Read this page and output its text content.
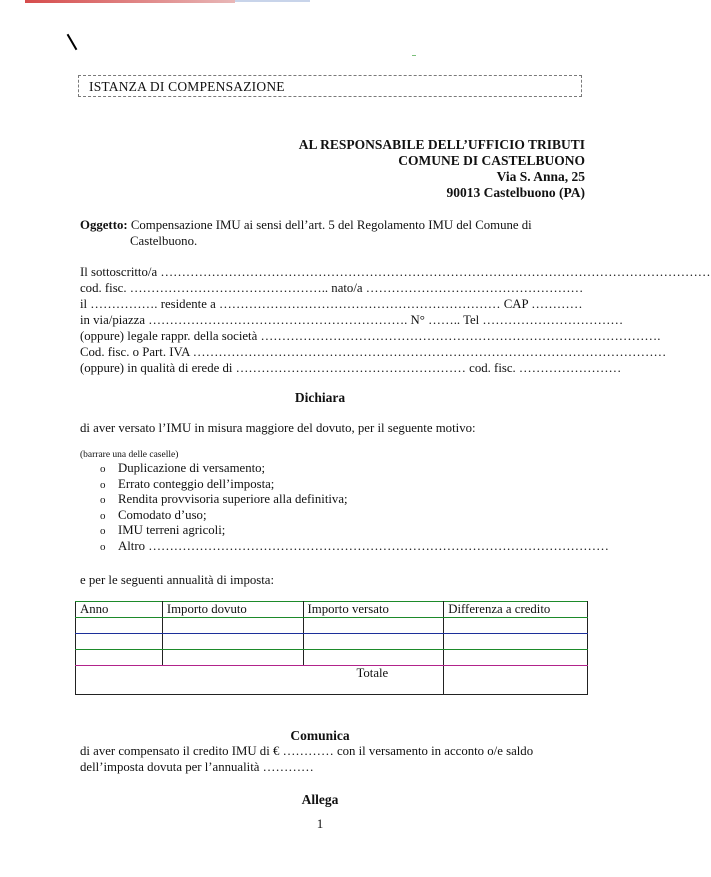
ISTANZA DI COMPENSAZIONE
AL RESPONSABILE DELL’UFFICIO TRIBUTI
COMUNE DI CASTELBUONO
Via S. Anna, 25
90013 Castelbuono (PA)
Oggetto: Compensazione IMU ai sensi dell’art. 5 del Regolamento IMU del Comune di
Castelbuono.
Il sottoscritto/a …………………………………………………………………………………………………………………
cod. fisc. ……………………………………….. nato/a ……………………………………………
il ……………. residente a ………………………………………………………… CAP …………
in via/piazza ……………………………………………………. N° …….. Tel ……………………………
(oppure) legale rappr. della società ………………………………………………………………………………….
Cod. fisc. o Part. IVA …………………………………………………………………………………………………
(oppure) in qualità di erede di ……………………………………………… cod. fisc. ……………………
Dichiara
di aver versato l’IMU in misura maggiore del dovuto, per il seguente motivo:
(barrare una delle caselle)
o Duplicazione di versamento;
o Errato conteggio dell’imposta;
o Rendita provvisoria superiore alla definitiva;
o Comodato d’uso;
o IMU terreni agricoli;
o Altro ………………………………………………………………………………………………
e per le seguenti annualità di imposta:
Anno	Importo dovuto	Importo versato	Differenza a credito

Totale			
Comunica
di aver compensato il credito IMU di € ………… con il versamento in acconto o/e saldo
dell’imposta dovuta per l’annualità …………
Allega
1
